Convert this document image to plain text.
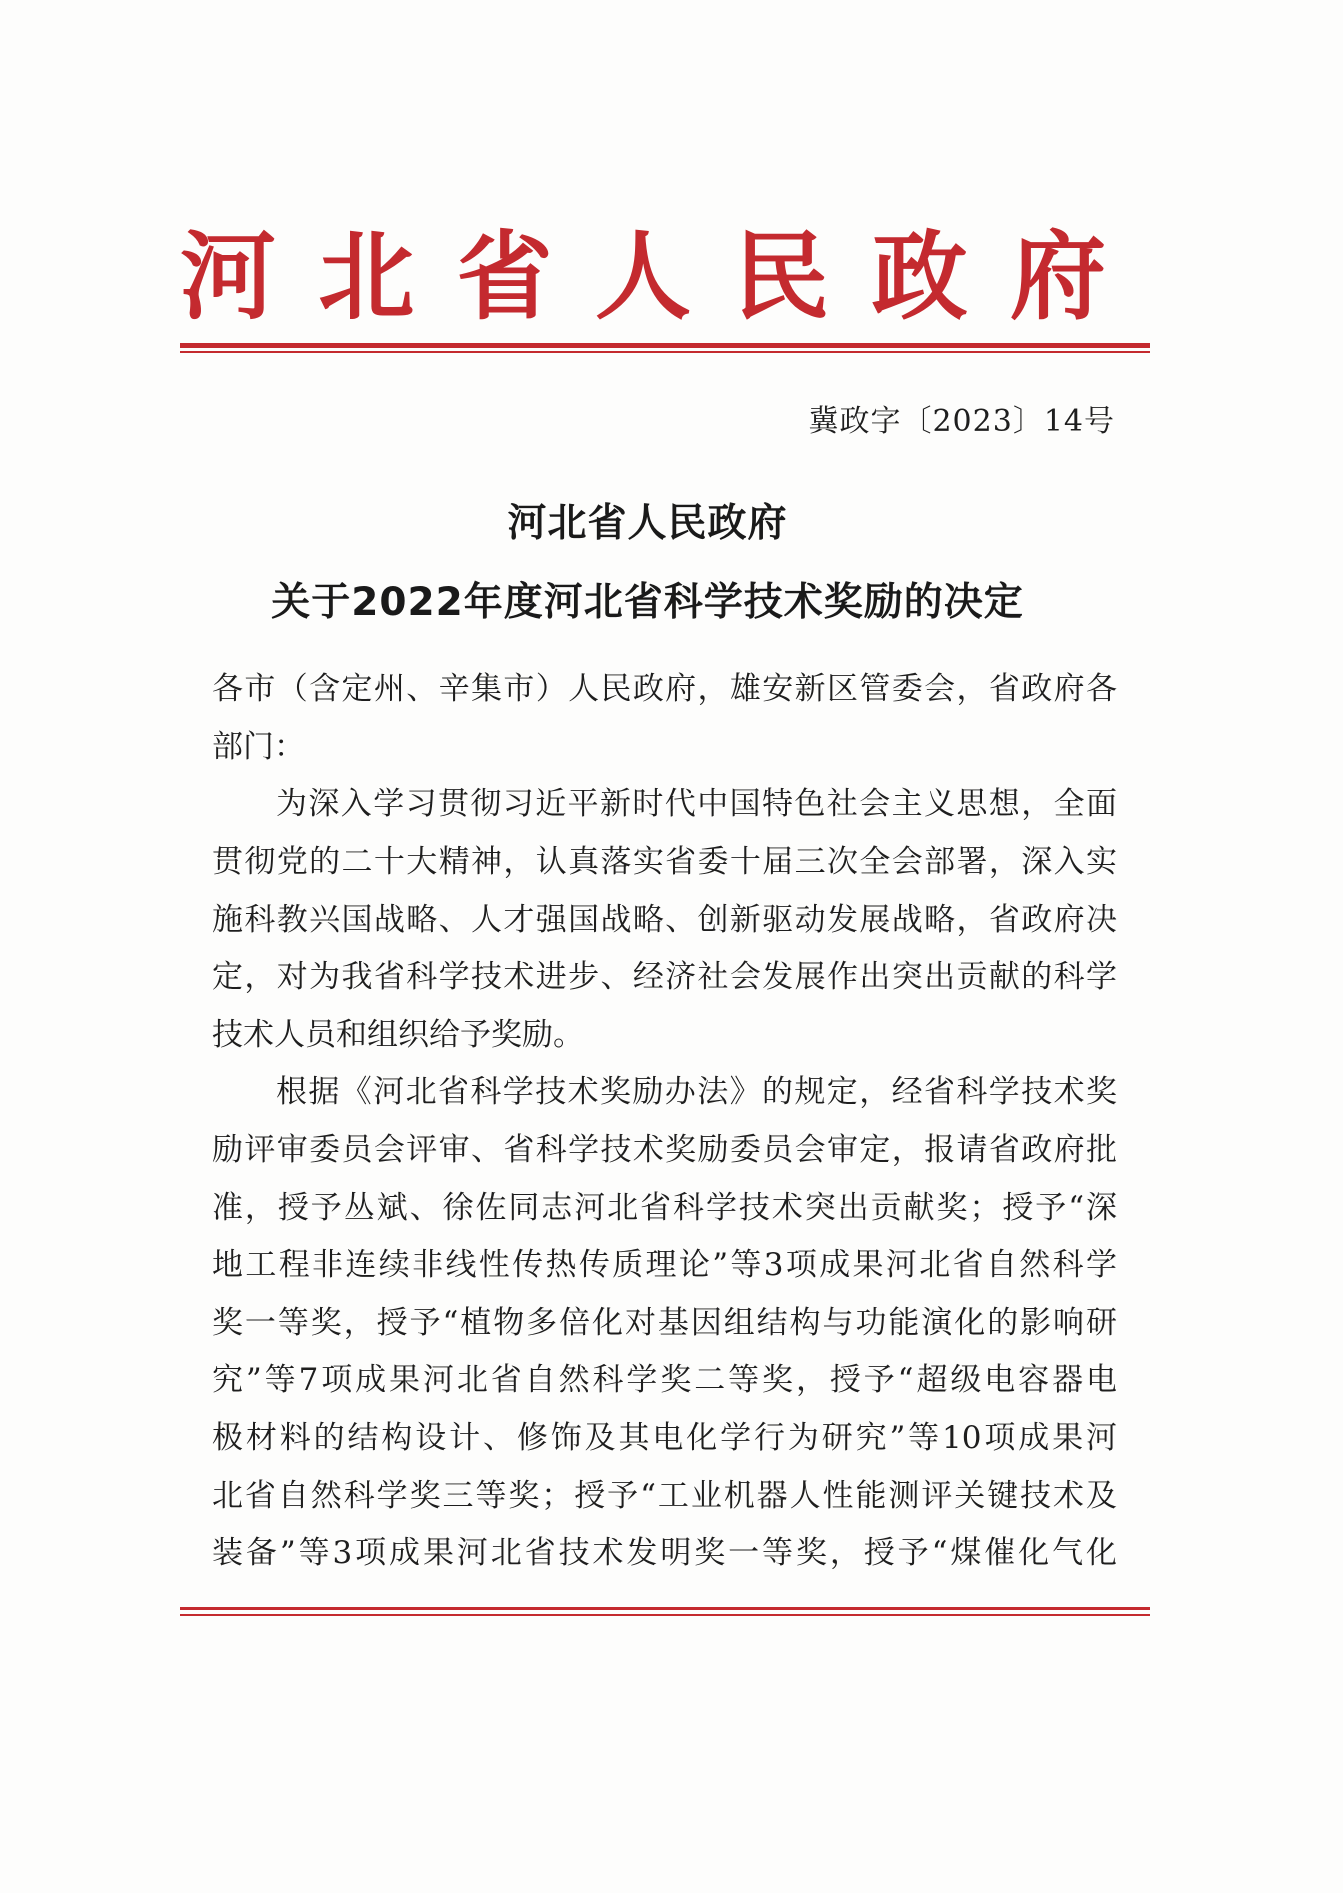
河北省人民政府
冀政字〔2023〕14号
河北省人民政府
关于2022年度河北省科学技术奖励的决定
各市（含定州、辛集市）人民政府，雄安新区管委会，省政府各
部门：
为深入学习贯彻习近平新时代中国特色社会主义思想，全面
贯彻党的二十大精神，认真落实省委十届三次全会部署，深入实
施科教兴国战略、人才强国战略、创新驱动发展战略，省政府决
定，对为我省科学技术进步、经济社会发展作出突出贡献的科学
技术人员和组织给予奖励。
根据《河北省科学技术奖励办法》的规定，经省科学技术奖
励评审委员会评审、省科学技术奖励委员会审定，报请省政府批
准，授予丛斌、徐佐同志河北省科学技术突出贡献奖；授予“深
地工程非连续非线性传热传质理论”等3项成果河北省自然科学
奖一等奖，授予“植物多倍化对基因组结构与功能演化的影响研
究”等7项成果河北省自然科学奖二等奖，授予“超级电容器电
极材料的结构设计、修饰及其电化学行为研究”等10项成果河
北省自然科学奖三等奖；授予“工业机器人性能测评关键技术及
装备”等3项成果河北省技术发明奖一等奖，授予“煤催化气化
